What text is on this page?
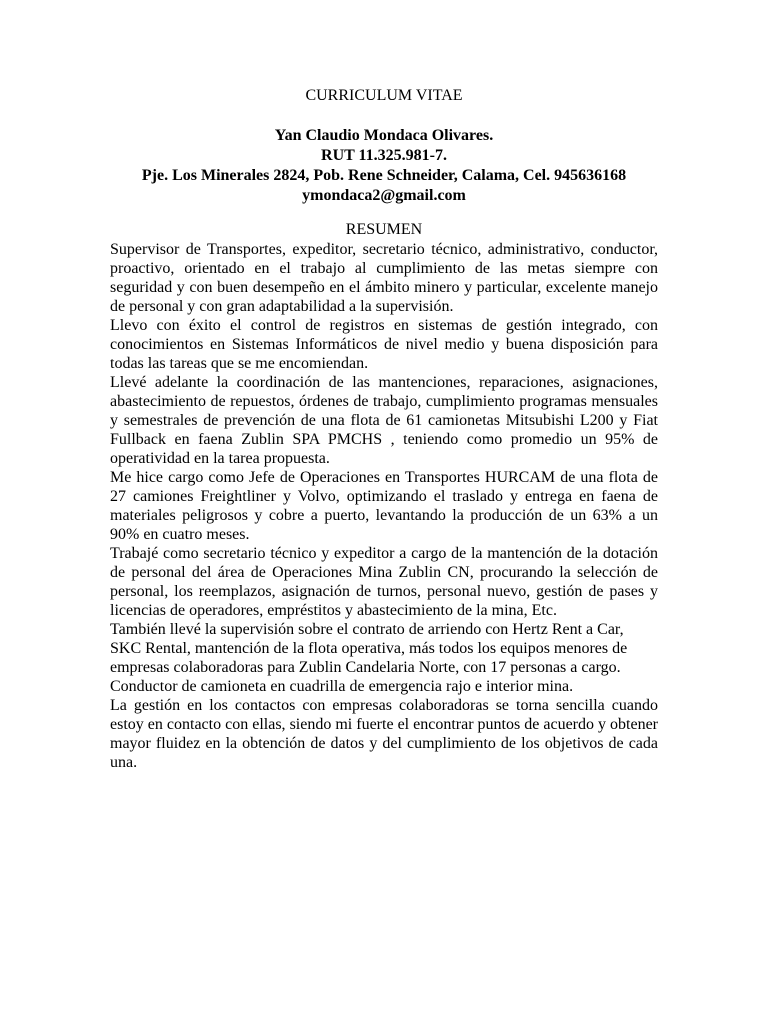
CURRICULUM VITAE
Yan Claudio Mondaca Olivares.
RUT 11.325.981-7.
Pje. Los Minerales 2824, Pob. Rene Schneider, Calama, Cel. 945636168
ymondaca2@gmail.com
RESUMEN

Supervisor de Transportes, expeditor, secretario técnico, administrativo, conductor, proactivo, orientado en el trabajo al cumplimiento de las metas siempre con seguridad y con buen desempeño en el ámbito minero y particular, excelente manejo de personal y con gran adaptabilidad a la supervisión.

Llevo con éxito el control de registros en sistemas de gestión integrado, con conocimientos en Sistemas Informáticos de nivel medio y buena disposición para todas las tareas que se me encomiendan.

Llevé adelante la coordinación de las mantenciones, reparaciones, asignaciones, abastecimiento de repuestos, órdenes de trabajo, cumplimiento programas mensuales y semestrales de prevención de una flota de 61 camionetas Mitsubishi L200 y Fiat Fullback en faena Zublin SPA PMCHS , teniendo como promedio un 95% de operatividad en la tarea propuesta.

Me hice cargo como Jefe de Operaciones en Transportes HURCAM de una flota de 27 camiones Freightliner y Volvo, optimizando el traslado y entrega en faena de materiales peligrosos y cobre a puerto, levantando la producción de un 63% a un 90% en cuatro meses.

Trabajé como secretario técnico y expeditor a cargo de la mantención de la dotación de personal del área de Operaciones Mina Zublin CN, procurando la selección de personal, los reemplazos, asignación de turnos, personal nuevo, gestión de pases y licencias de operadores, empréstitos y abastecimiento de la mina, Etc.

También llevé la supervisión sobre el contrato de arriendo con Hertz Rent a Car, SKC Rental, mantención de la flota operativa, más todos los equipos menores de empresas colaboradoras para Zublin Candelaria Norte, con 17 personas a cargo.

Conductor de camioneta en cuadrilla de emergencia rajo e interior mina.

La gestión en los contactos con empresas colaboradoras se torna sencilla cuando estoy en contacto con ellas, siendo mi fuerte el encontrar puntos de acuerdo y obtener mayor fluidez en la obtención de datos y del cumplimiento de los objetivos de cada una.
